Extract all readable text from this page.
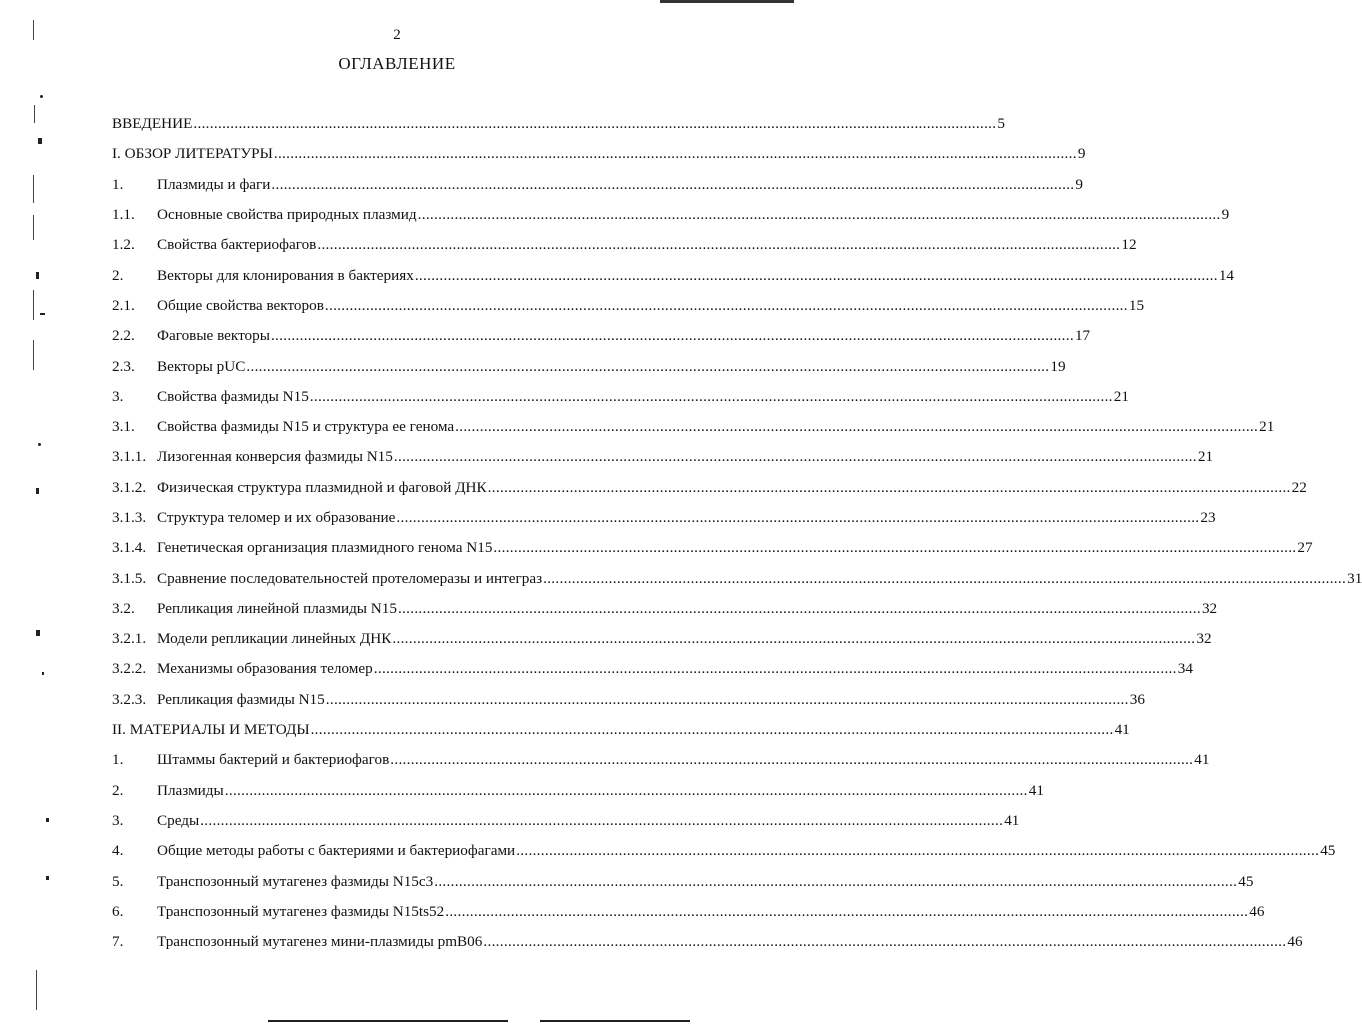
2
ОГЛАВЛЕНИЕ
ВВЕДЕНИЕ .....	5
I. ОБЗОР ЛИТЕРАТУРЫ .....	9
1.	Плазмиды и фаги .....	9
1.1.	Основные свойства природных плазмид .....	9
1.2.	Свойства бактериофагов .....	12
2.	Векторы для клонирования в бактериях .....	14
2.1.	Общие свойства векторов .....	15
2.2.	Фаговые векторы .....	17
2.3.	Векторы pUC .....	19
3.	Свойства фазмиды N15 .....	21
3.1.	Свойства фазмиды N15 и структура ее генома .....	21
3.1.1. Лизогенная конверсия фазмиды N15 .....	21
3.1.2. Физическая структура плазмидной и фаговой ДНК .....	22
3.1.3. Структура теломер и их образование .....	23
3.1.4. Генетическая организация плазмидного генома N15 .....	27
3.1.5. Сравнение последовательностей протеломеразы и интеграз .....	31
3.2.	Репликация линейной плазмиды N15 .....	32
3.2.1. Модели репликации линейных ДНК .....	32
3.2.2. Механизмы образования теломер .....	34
3.2.3. Репликация фазмиды N15 .....	36
II. МАТЕРИАЛЫ И МЕТОДЫ .....	41
1.	Штаммы бактерий и бактериофагов .....	41
2.	Плазмиды .....	41
3.	Среды .....	41
4.	Общие методы работы с бактериями и бактериофагами .....	45
5.	Транспозонный мутагенез фазмиды N15c3 .....	45
6.	Транспозонный мутагенез фазмиды N15ts52 .....	46
7.	Транспозонный мутагенез мини-плазмиды pmB06 .....	46
